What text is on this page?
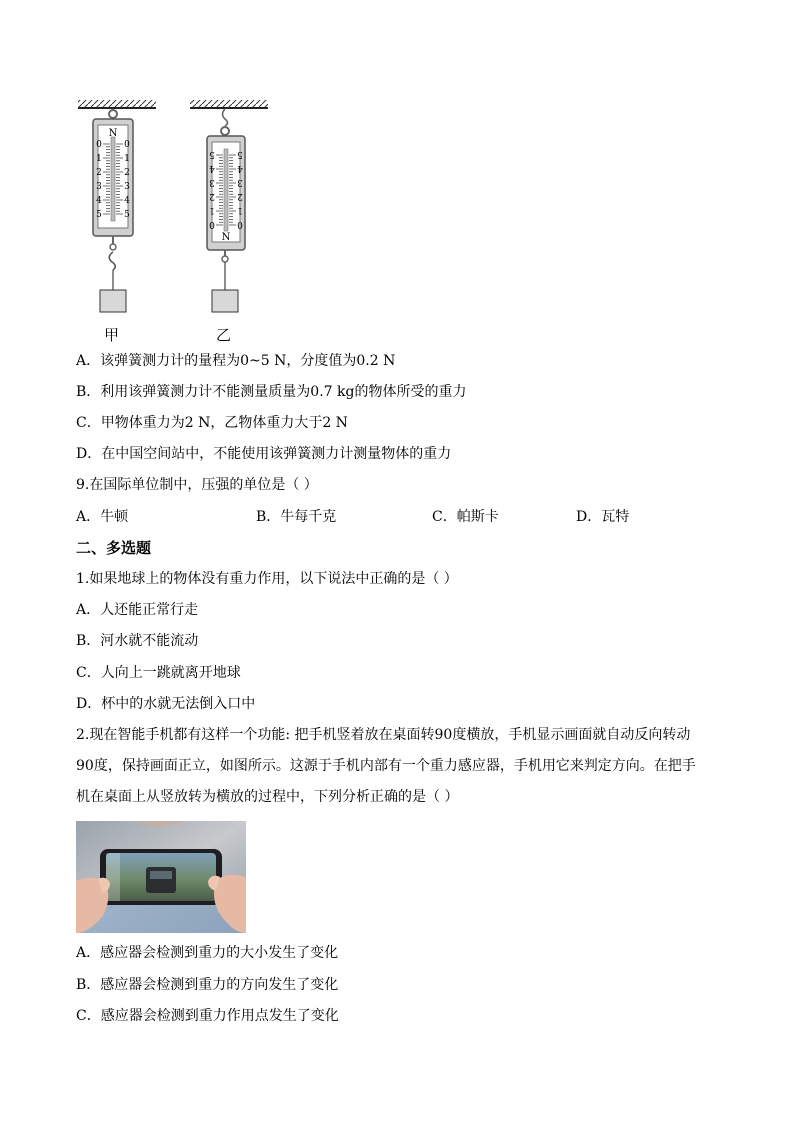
N
0 0
1 1
2 2
3 3
4 4
5 5
N
0 0
1 1
2 2
3 3
4 4
5 5
甲	乙
A．该弹簧测力计的量程为0~5 N，分度值为0.2 N
B．利用该弹簧测力计不能测量质量为0.7 kg的物体所受的重力
C．甲物体重力为2 N，乙物体重力大于2 N
D．在中国空间站中，不能使用该弹簧测力计测量物体的重力
9.在国际单位制中，压强的单位是（ ）
A．牛顿	B．牛每千克	C．帕斯卡	D．瓦特
二、多选题
1.如果地球上的物体没有重力作用，以下说法中正确的是（ ）
A．人还能正常行走
B．河水就不能流动
C．人向上一跳就离开地球
D．杯中的水就无法倒入口中
2.现在智能手机都有这样一个功能: 把手机竖着放在桌面转90度横放，手机显示画面就自动反向转动
90度，保持画面正立，如图所示。这源于手机内部有一个重力感应器，手机用它来判定方向。在把手
机在桌面上从竖放转为横放的过程中，下列分析正确的是（ ）
A．感应器会检测到重力的大小发生了变化
B．感应器会检测到重力的方向发生了变化
C．感应器会检测到重力作用点发生了变化
